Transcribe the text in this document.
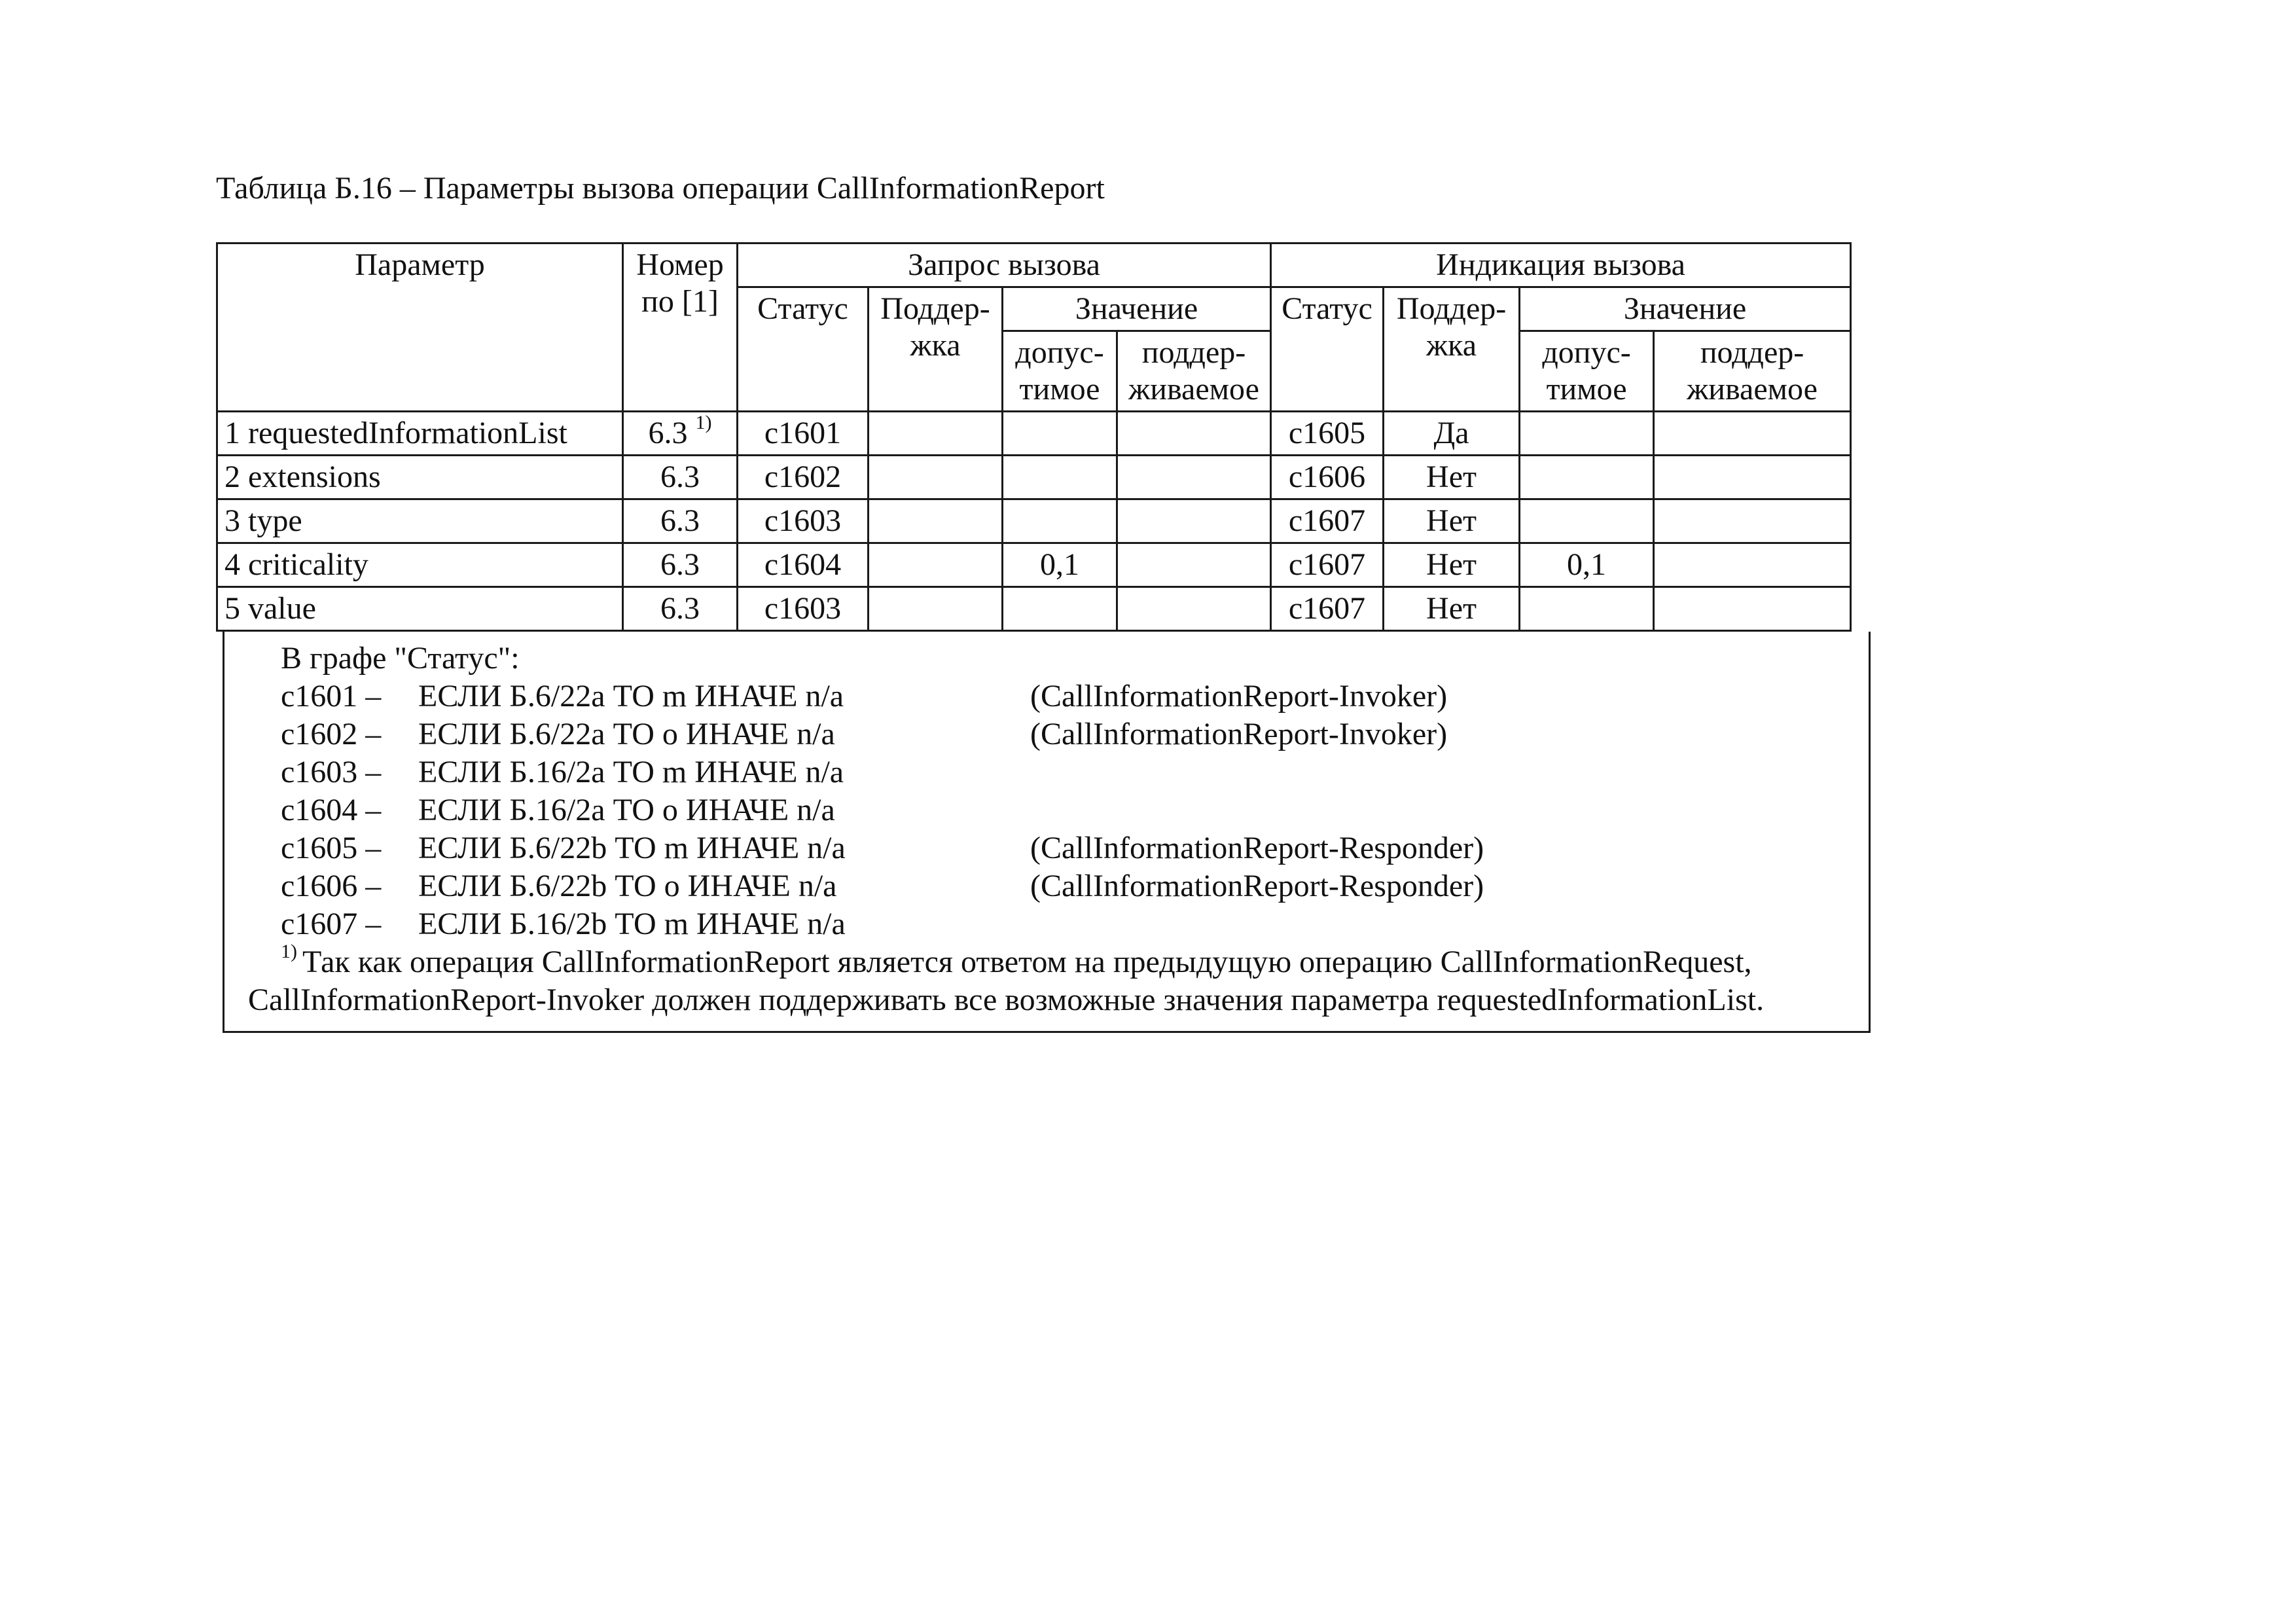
Таблица Б.16 – Параметры вызова операции CallInformationReport
Параметр	Номер по [1]	Запрос вызова				Индикация вызова			
		Статус	Поддер- жка	Значение		Статус	Поддер- жка	Значение	
				допус- тимое	поддер- живаемое			допус- тимое	поддер- живаемое
1 requestedInformationList	6.3 $^{1)}$	c1601				c1605	Да		
2 extensions	6.3	c1602				c1606	Нет		
3 type	6.3	c1603				c1607	Нет		
4 criticality	6.3	c1604		0,1		c1607	Нет	0,1	
5 value	6.3	c1603				c1607	Нет		
В графе "Статус":
c1601 –	ЕСЛИ Б.6/22a ТО m ИНАЧЕ n/a	(CallInformationReport-Invoker)
c1602 –	ЕСЛИ Б.6/22a ТО o ИНАЧЕ n/a	(CallInformationReport-Invoker)
c1603 –	ЕСЛИ Б.16/2a ТО m ИНАЧЕ n/a
c1604 –	ЕСЛИ Б.16/2a ТО o ИНАЧЕ n/a
c1605 –	ЕСЛИ Б.6/22b ТО m ИНАЧЕ n/a	(CallInformationReport-Responder)
c1606 –	ЕСЛИ Б.6/22b ТО o ИНАЧЕ n/a	(CallInformationReport-Responder)
c1607 –	ЕСЛИ Б.16/2b ТО m ИНАЧЕ n/a
$^{1)}$ Так как операция CallInformationReport является ответом на предыдущую операцию CallInformationRequest,
CallInformationReport-Invoker должен поддерживать все возможные значения параметра requestedInformationList.
